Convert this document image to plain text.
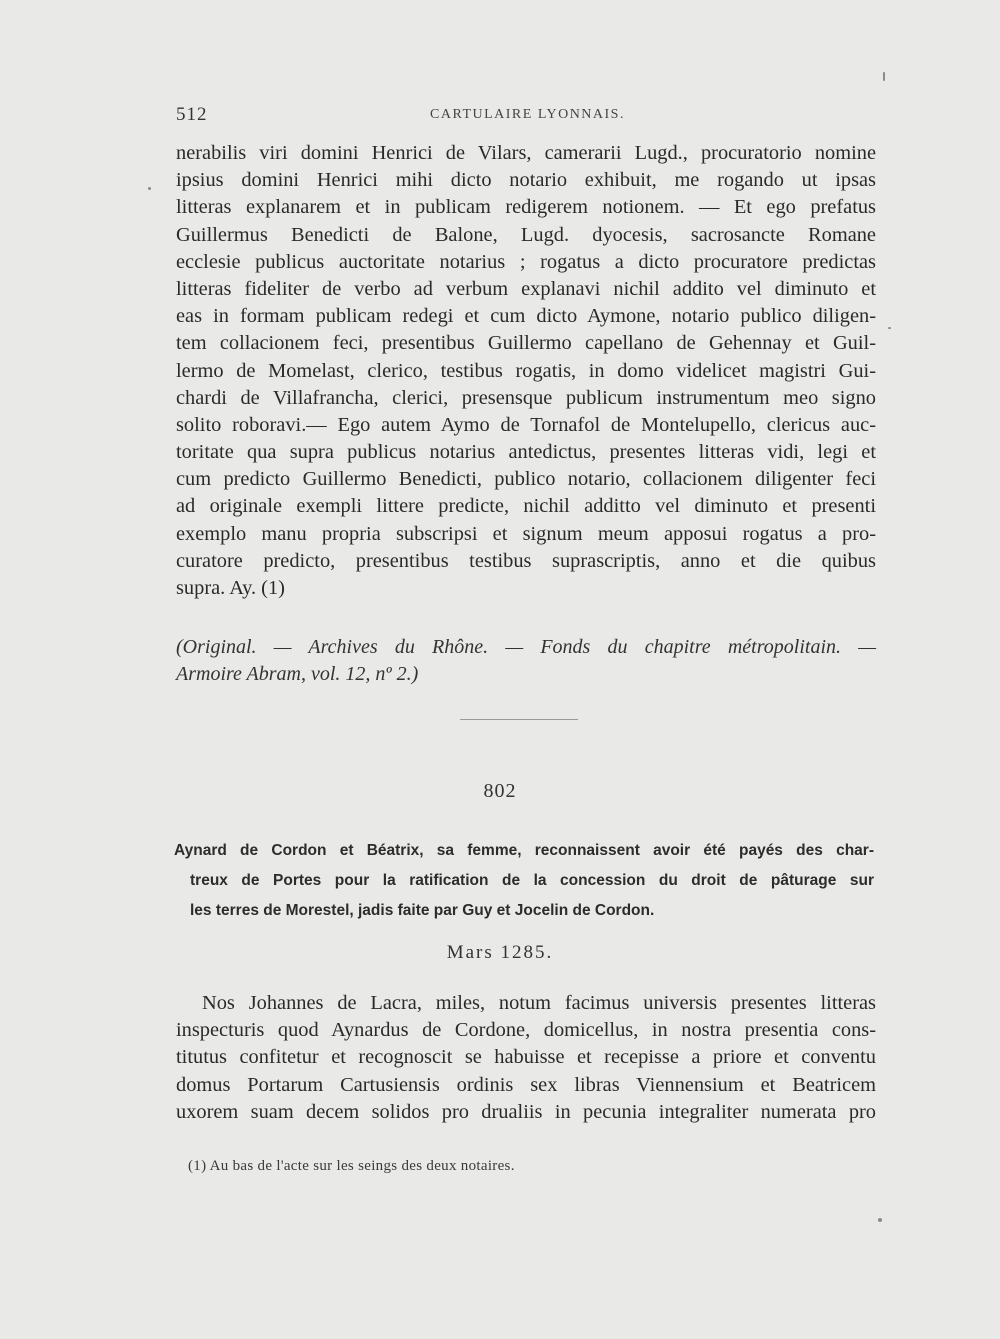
512	CARTULAIRE LYONNAIS.
nerabilis viri domini Henrici de Vilars, camerarii Lugd., procuratorio nomine
ipsius domini Henrici mihi dicto notario exhibuit, me rogando ut ipsas
litteras explanarem et in publicam redigerem notionem. — Et ego prefatus
Guillermus Benedicti de Balone, Lugd. dyocesis, sacrosancte Romane
ecclesie publicus auctoritate notarius ; rogatus a dicto procuratore predictas
litteras fideliter de verbo ad verbum explanavi nichil addito vel diminuto et
eas in formam publicam redegi et cum dicto Aymone, notario publico diligen-
tem collacionem feci, presentibus Guillermo capellano de Gehennay et Guil-
lermo de Momelast, clerico, testibus rogatis, in domo videlicet magistri Gui-
chardi de Villafrancha, clerici, presensque publicum instrumentum meo signo
solito roboravi.— Ego autem Aymo de Tornafol de Montelupello, clericus auc-
toritate qua supra publicus notarius antedictus, presentes litteras vidi, legi et
cum predicto Guillermo Benedicti, publico notario, collacionem diligenter feci
ad originale exempli littere predicte, nichil additto vel diminuto et presenti
exemplo manu propria subscripsi et signum meum apposui rogatus a pro-
curatore predicto, presentibus testibus suprascriptis, anno et die quibus
supra. Ay. (1)
(Original. — Archives du Rhône. — Fonds du chapitre métropolitain. —
Armoire Abram, vol. 12, nº 2.)
802
Aynard de Cordon et Béatrix, sa femme, reconnaissent avoir été payés des char-
treux de Portes pour la ratification de la concession du droit de pâturage sur
les terres de Morestel, jadis faite par Guy et Jocelin de Cordon.
Mars 1285.
Nos Johannes de Lacra, miles, notum facimus universis presentes litteras
inspecturis quod Aynardus de Cordone, domicellus, in nostra presentia cons-
titutus confitetur et recognoscit se habuisse et recepisse a priore et conventu
domus Portarum Cartusiensis ordinis sex libras Viennensium et Beatricem
uxorem suam decem solidos pro drualiis in pecunia integraliter numerata pro
(1) Au bas de l'acte sur les seings des deux notaires.
